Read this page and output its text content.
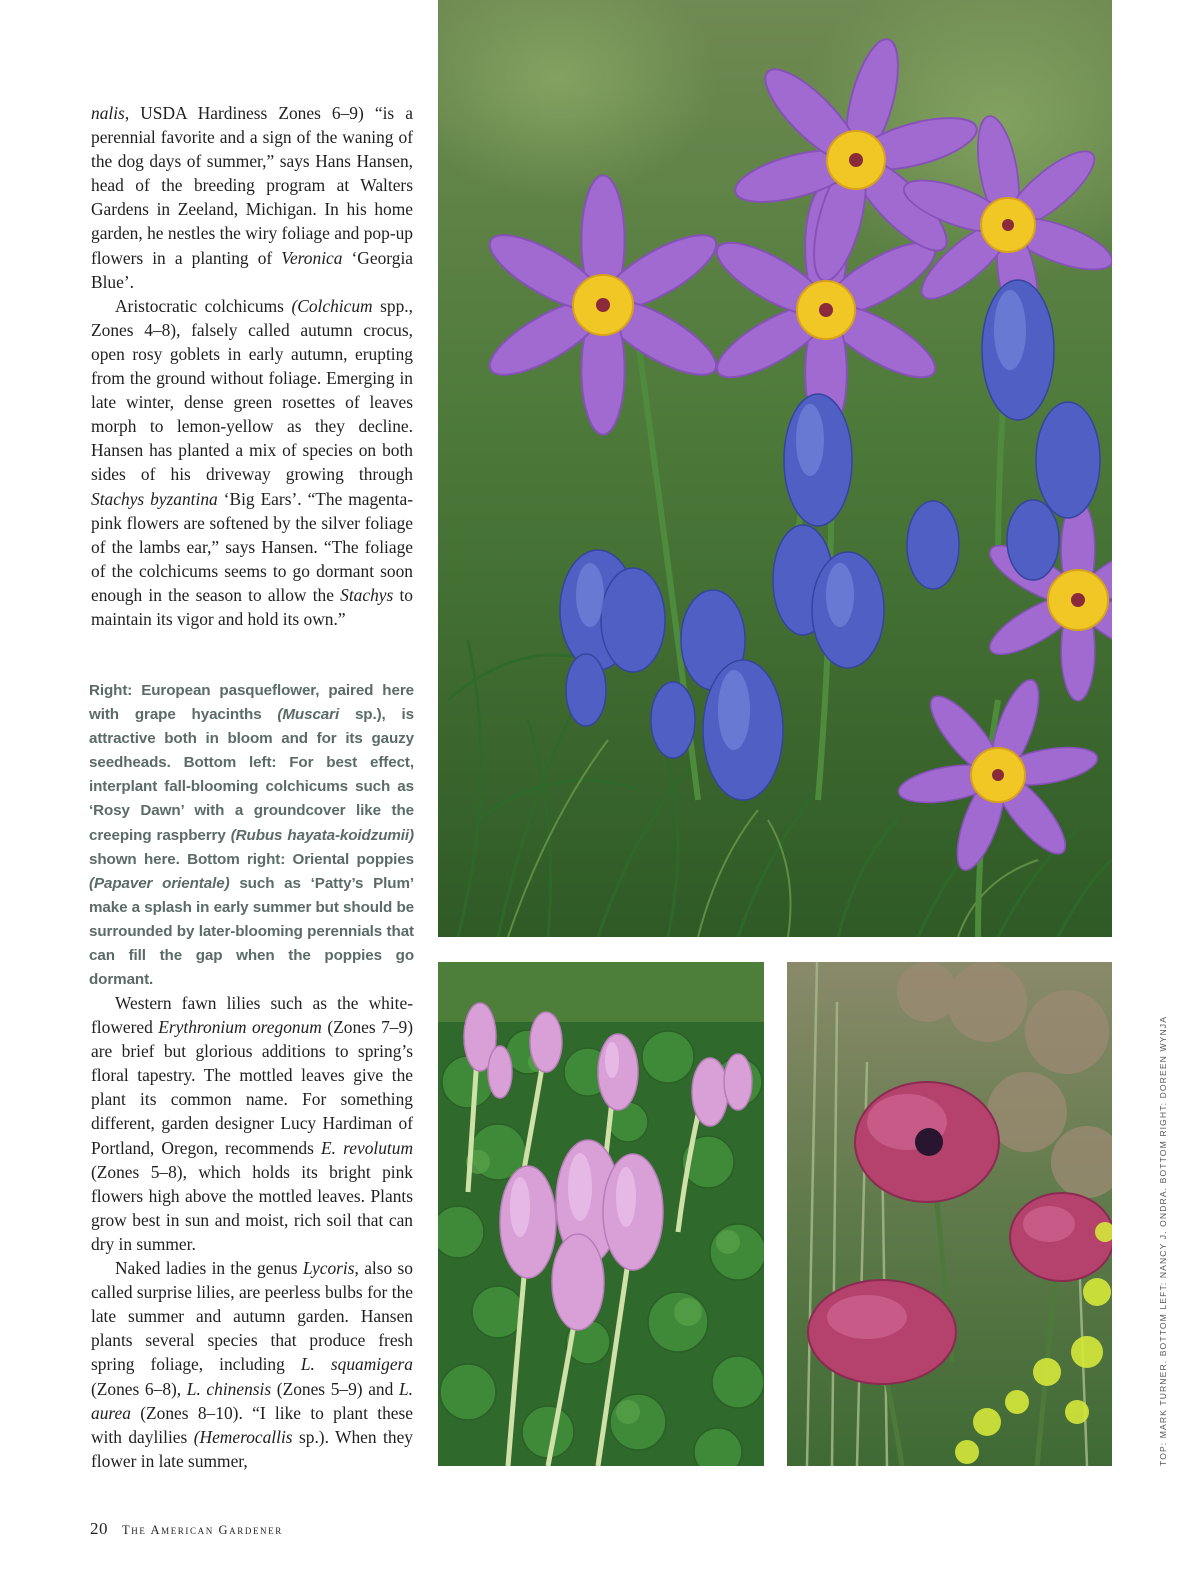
nalis, USDA Hardiness Zones 6–9) “is a perennial favorite and a sign of the waning of the dog days of summer,” says Hans Hansen, head of the breeding program at Walters Gardens in Zeeland, Michigan. In his home garden, he nestles the wiry foliage and pop-up flowers in a planting of Veronica ‘Georgia Blue’.

Aristocratic colchicums (Colchicum spp., Zones 4–8), falsely called autumn crocus, open rosy goblets in early autumn, erupting from the ground without foliage. Emerging in late winter, dense green rosettes of leaves morph to lemon-yellow as they decline. Hansen has planted a mix of species on both sides of his driveway growing through Stachys byzantina ‘Big Ears’. “The magenta-pink flowers are softened by the silver foliage of the lambs ear,” says Hansen. “The foliage of the colchicums seems to go dormant soon enough in the season to allow the Stachys to maintain its vigor and hold its own.”

Right: European pasqueflower, paired here with grape hyacinths (Muscari sp.), is attractive both in bloom and for its gauzy seedheads. Bottom left: For best effect, interplant fall-blooming colchicums such as ‘Rosy Dawn’ with a groundcover like the creeping raspberry (Rubus hayata-koidzumii) shown here. Bottom right: Oriental poppies (Papaver orientale) such as ‘Patty’s Plum’ make a splash in early summer but should be surrounded by later-blooming perennials that can fill the gap when the poppies go dormant.

Western fawn lilies such as the white-flowered Erythronium oregonum (Zones 7–9) are brief but glorious additions to spring’s floral tapestry. The mottled leaves give the plant its common name. For something different, garden designer Lucy Hardiman of Portland, Oregon, recommends E. revolutum (Zones 5–8), which holds its bright pink flowers high above the mottled leaves. Plants grow best in sun and moist, rich soil that can dry in summer.

Naked ladies in the genus Lycoris, also so called surprise lilies, are peerless bulbs for the late summer and autumn garden. Hansen plants several species that produce fresh spring foliage, including L. squamigera (Zones 6–8), L. chinensis (Zones 5–9) and L. aurea (Zones 8–10). “I like to plant these with daylilies (Hemerocallis sp.). When they flower in late summer,	TOP: MARK TURNER. BOTTOM LEFT: NANCY J. ONDRA. BOTTOM RIGHT: DOREEN WYNJA
20 The American Gardener
